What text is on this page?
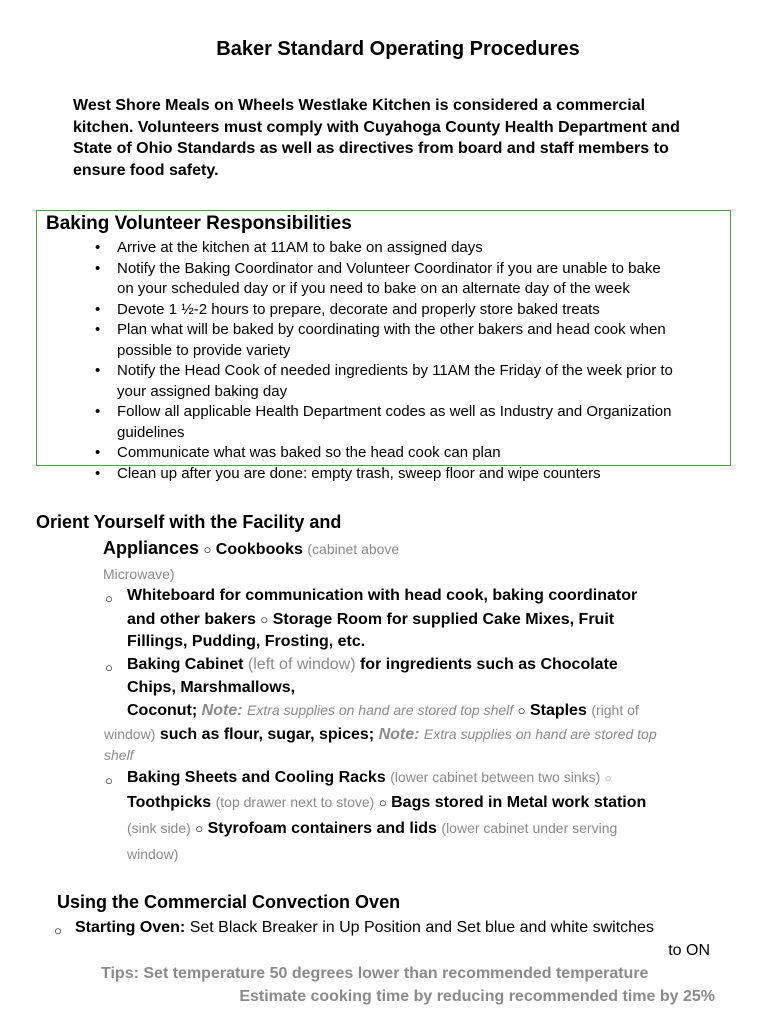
Baker Standard Operating Procedures
West Shore Meals on Wheels Westlake Kitchen is considered a commercial
kitchen. Volunteers must comply with Cuyahoga County Health Department and
State of Ohio Standards as well as directives from board and staff members to
ensure food safety.
Baking Volunteer Responsibilities
• Arrive at the kitchen at 11AM to bake on assigned days
• Notify the Baking Coordinator and Volunteer Coordinator if you are unable to bake
on your scheduled day or if you need to bake on an alternate day of the week
• Devote 1 ½-2 hours to prepare, decorate and properly store baked treats
• Plan what will be baked by coordinating with the other bakers and head cook when
possible to provide variety
• Notify the Head Cook of needed ingredients by 11AM the Friday of the week prior to
your assigned baking day
• Follow all applicable Health Department codes as well as Industry and Organization
guidelines
• Communicate what was baked so the head cook can plan
• Clean up after you are done: empty trash, sweep floor and wipe counters
Orient Yourself with the Facility and
Appliances ○ Cookbooks (cabinet above
Microwave)
○ Whiteboard for communication with head cook, baking coordinator
and other bakers ○ Storage Room for supplied Cake Mixes, Fruit
Fillings, Pudding, Frosting, etc.
○ Baking Cabinet (left of window) for ingredients such as Chocolate
Chips, Marshmallows,
Coconut; Note: Extra supplies on hand are stored top shelf ○ Staples (right of
window) such as flour, sugar, spices; Note: Extra supplies on hand are stored top
shelf
○ Baking Sheets and Cooling Racks (lower cabinet between two sinks) ○
Toothpicks (top drawer next to stove) ○ Bags stored in Metal work station
(sink side) ○ Styrofoam containers and lids (lower cabinet under serving
window)
Using the Commercial Convection Oven
○ Starting Oven: Set Black Breaker in Up Position and Set blue and white switches
to ON
Tips: Set temperature 50 degrees lower than recommended temperature
Estimate cooking time by reducing recommended time by 25%
